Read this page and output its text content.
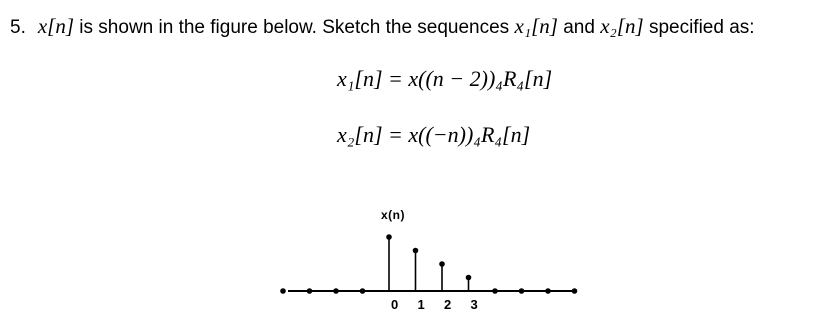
5. x[n] is shown in the figure below. Sketch the sequences x₁[n] and x₂[n] specified as:
x₁[n] = x((n − 2))₄R₄[n]
x₂[n] = x((−n))₄R₄[n]
x(n)
0 1 2 3
